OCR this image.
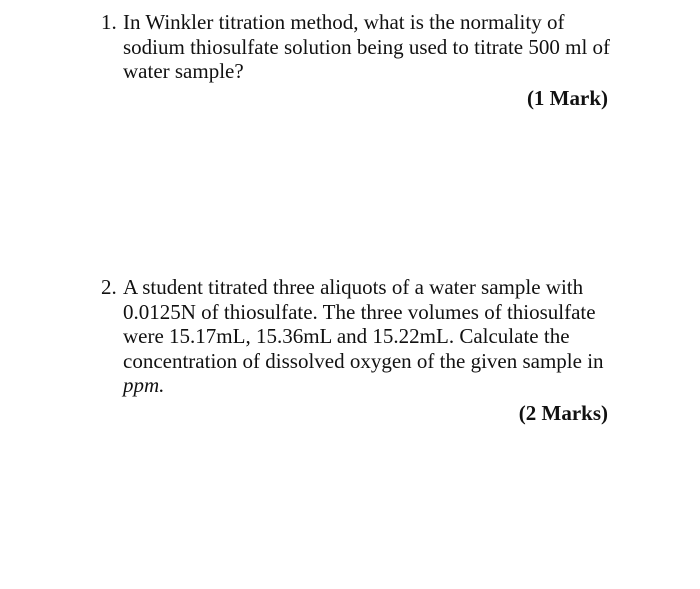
1. In Winkler titration method, what is the normality of
sodium thiosulfate solution being used to titrate 500 ml of
water sample?
(1 Mark)
2. A student titrated three aliquots of a water sample with
0.0125N of thiosulfate. The three volumes of thiosulfate
were 15.17mL, 15.36mL and 15.22mL. Calculate the
concentration of dissolved oxygen of the given sample in
ppm.
(2 Marks)
